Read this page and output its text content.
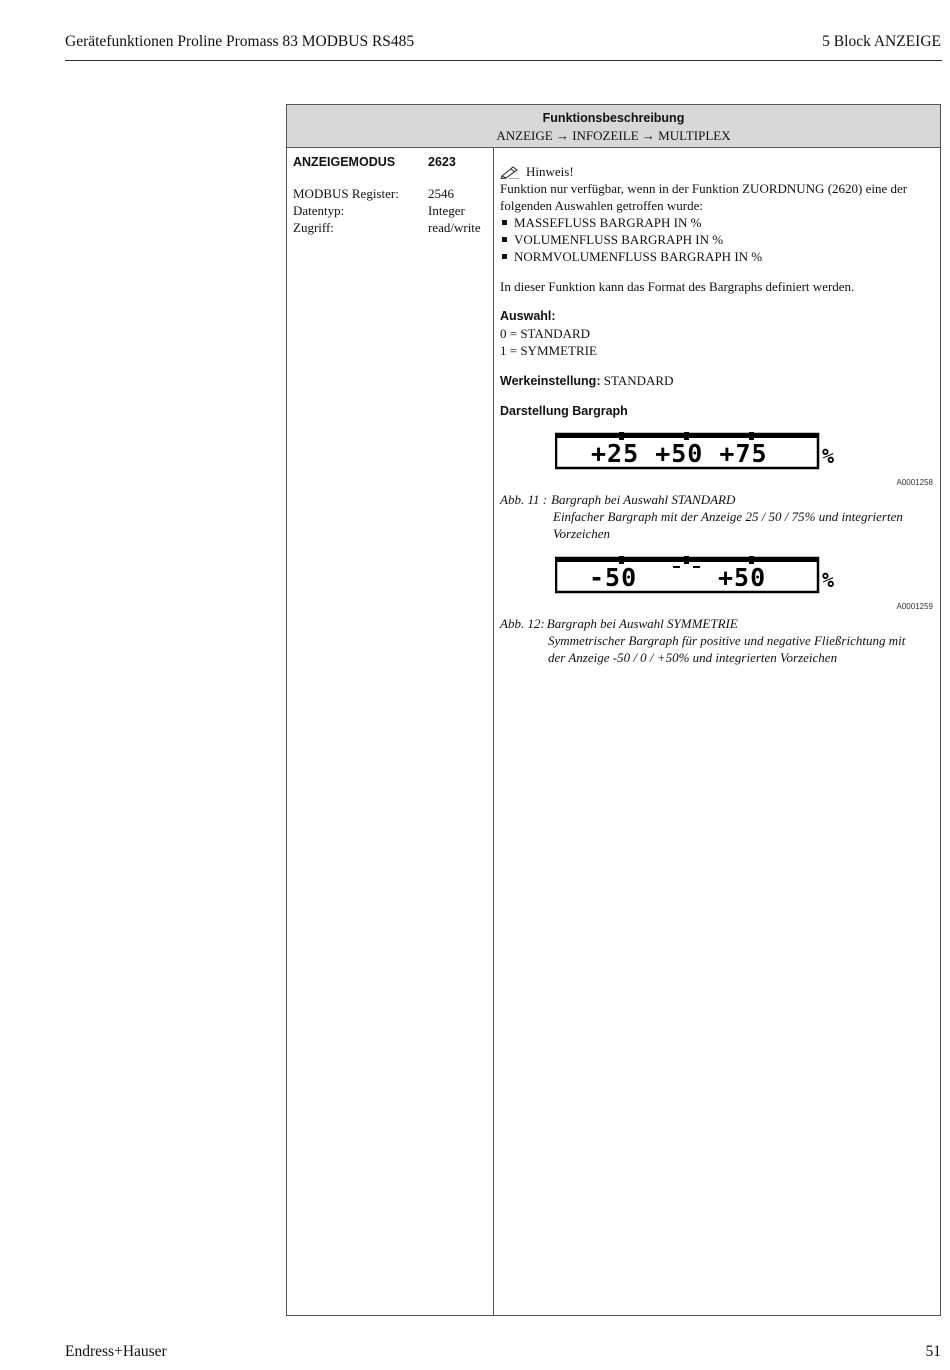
Gerätefunktionen Proline Promass 83 MODBUS RS485	5 Block ANZEIGE
Funktionsbeschreibung
ANZEIGE → INFOZEILE → MULTIPLEX
ANZEIGEMODUS	2623
MODBUS Register: 2546
Datentyp:	Integer
Zugriff:	read/write
Hinweis!
Funktion nur verfügbar, wenn in der Funktion ZUORDNUNG (2620) eine der
folgenden Auswahlen getroffen wurde:
MASSEFLUSS BARGRAPH IN %
VOLUMENFLUSS BARGRAPH IN %
NORMVOLUMENFLUSS BARGRAPH IN %
In dieser Funktion kann das Format des Bargraphs definiert werden.
Auswahl:
0 = STANDARD
1 = SYMMETRIE
Werkeinstellung: STANDARD
Darstellung Bargraph
+25 +50 +75	%
A0001258
Abb. 11 : Bargraph bei Auswahl STANDARD
Einfacher Bargraph mit der Anzeige 25 / 50 / 75% und integrierten
Vorzeichen
-50	+50	%
A0001259
Abb. 12: Bargraph bei Auswahl SYMMETRIE
Symmetrischer Bargraph für positive und negative Fließrichtung mit
der Anzeige -50 / 0 / +50% und integrierten Vorzeichen
Endress+Hauser	51
